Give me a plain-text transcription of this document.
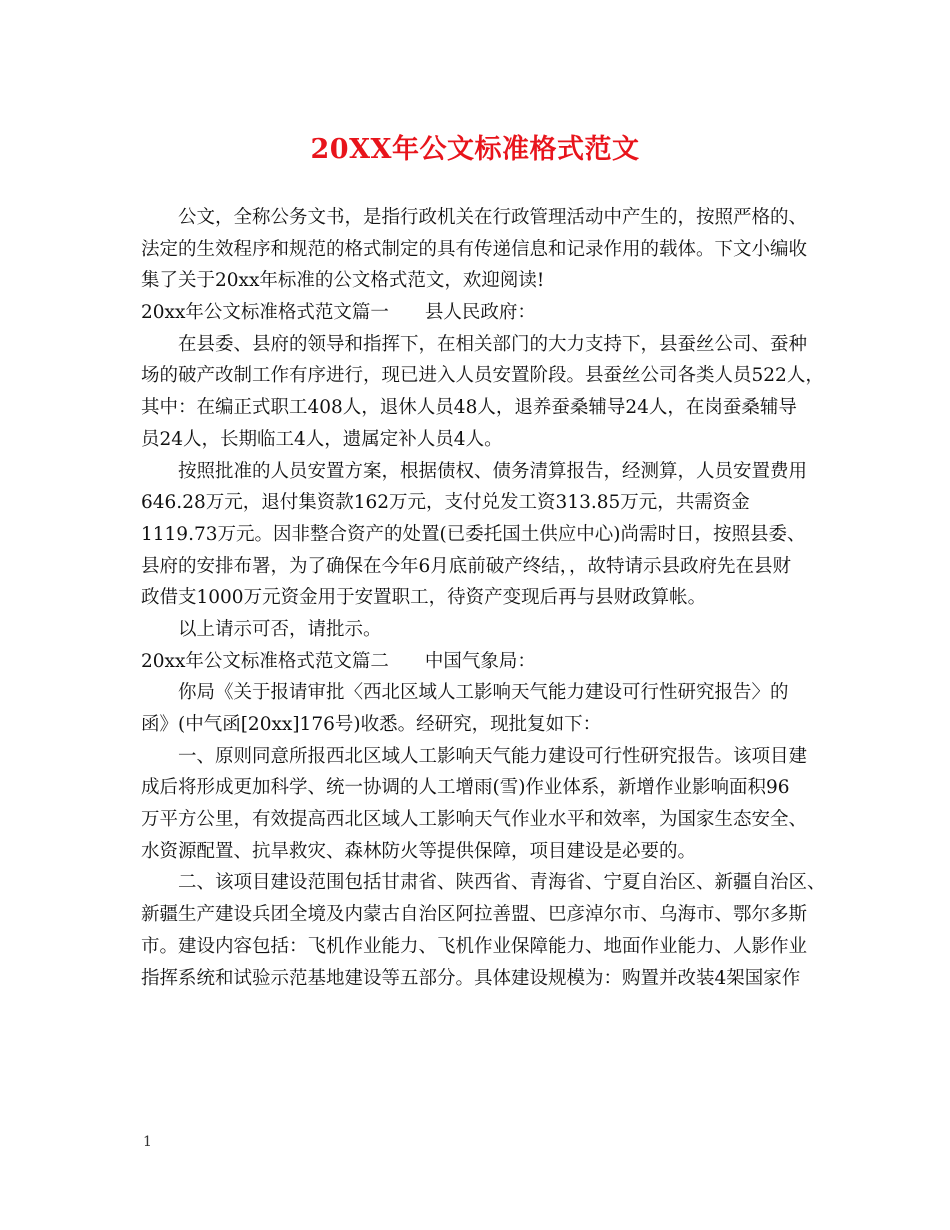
20XX年公文标准格式范文
公文，全称公务文书，是指行政机关在行政管理活动中产生的，按照严格的、
法定的生效程序和规范的格式制定的具有传递信息和记录作用的载体。下文小编收
集了关于20xx年标准的公文格式范文，欢迎阅读!
20xx年公文标准格式范文篇一 县人民政府：
在县委、县府的领导和指挥下，在相关部门的大力支持下，县蚕丝公司、蚕种
场的破产改制工作有序进行，现已进入人员安置阶段。县蚕丝公司各类人员522人，
其中：在编正式职工408人，退休人员48人，退养蚕桑辅导24人，在岗蚕桑辅导
员24人，长期临工4人，遗属定补人员4人。
按照批准的人员安置方案，根据债权、债务清算报告，经测算，人员安置费用
646.28万元，退付集资款162万元，支付兑发工资313.85万元，共需资金
1119.73万元。因非整合资产的处置(已委托国土供应中心)尚需时日，按照县委、
县府的安排布署，为了确保在今年6月底前破产终结，，故特请示县政府先在县财
政借支1000万元资金用于安置职工，待资产变现后再与县财政算帐。
以上请示可否，请批示。
20xx年公文标准格式范文篇二 中国气象局：
你局《关于报请审批〈西北区域人工影响天气能力建设可行性研究报告〉的
函》(中气函[20xx]176号)收悉。经研究，现批复如下：
一、原则同意所报西北区域人工影响天气能力建设可行性研究报告。该项目建
成后将形成更加科学、统一协调的人工增雨(雪)作业体系，新增作业影响面积96
万平方公里，有效提高西北区域人工影响天气作业水平和效率，为国家生态安全、
水资源配置、抗旱救灾、森林防火等提供保障，项目建设是必要的。
二、该项目建设范围包括甘肃省、陕西省、青海省、宁夏自治区、新疆自治区、
新疆生产建设兵团全境及内蒙古自治区阿拉善盟、巴彦淖尔市、乌海市、鄂尔多斯
市。建设内容包括：飞机作业能力、飞机作业保障能力、地面作业能力、人影作业
指挥系统和试验示范基地建设等五部分。具体建设规模为：购置并改装4架国家作
1
